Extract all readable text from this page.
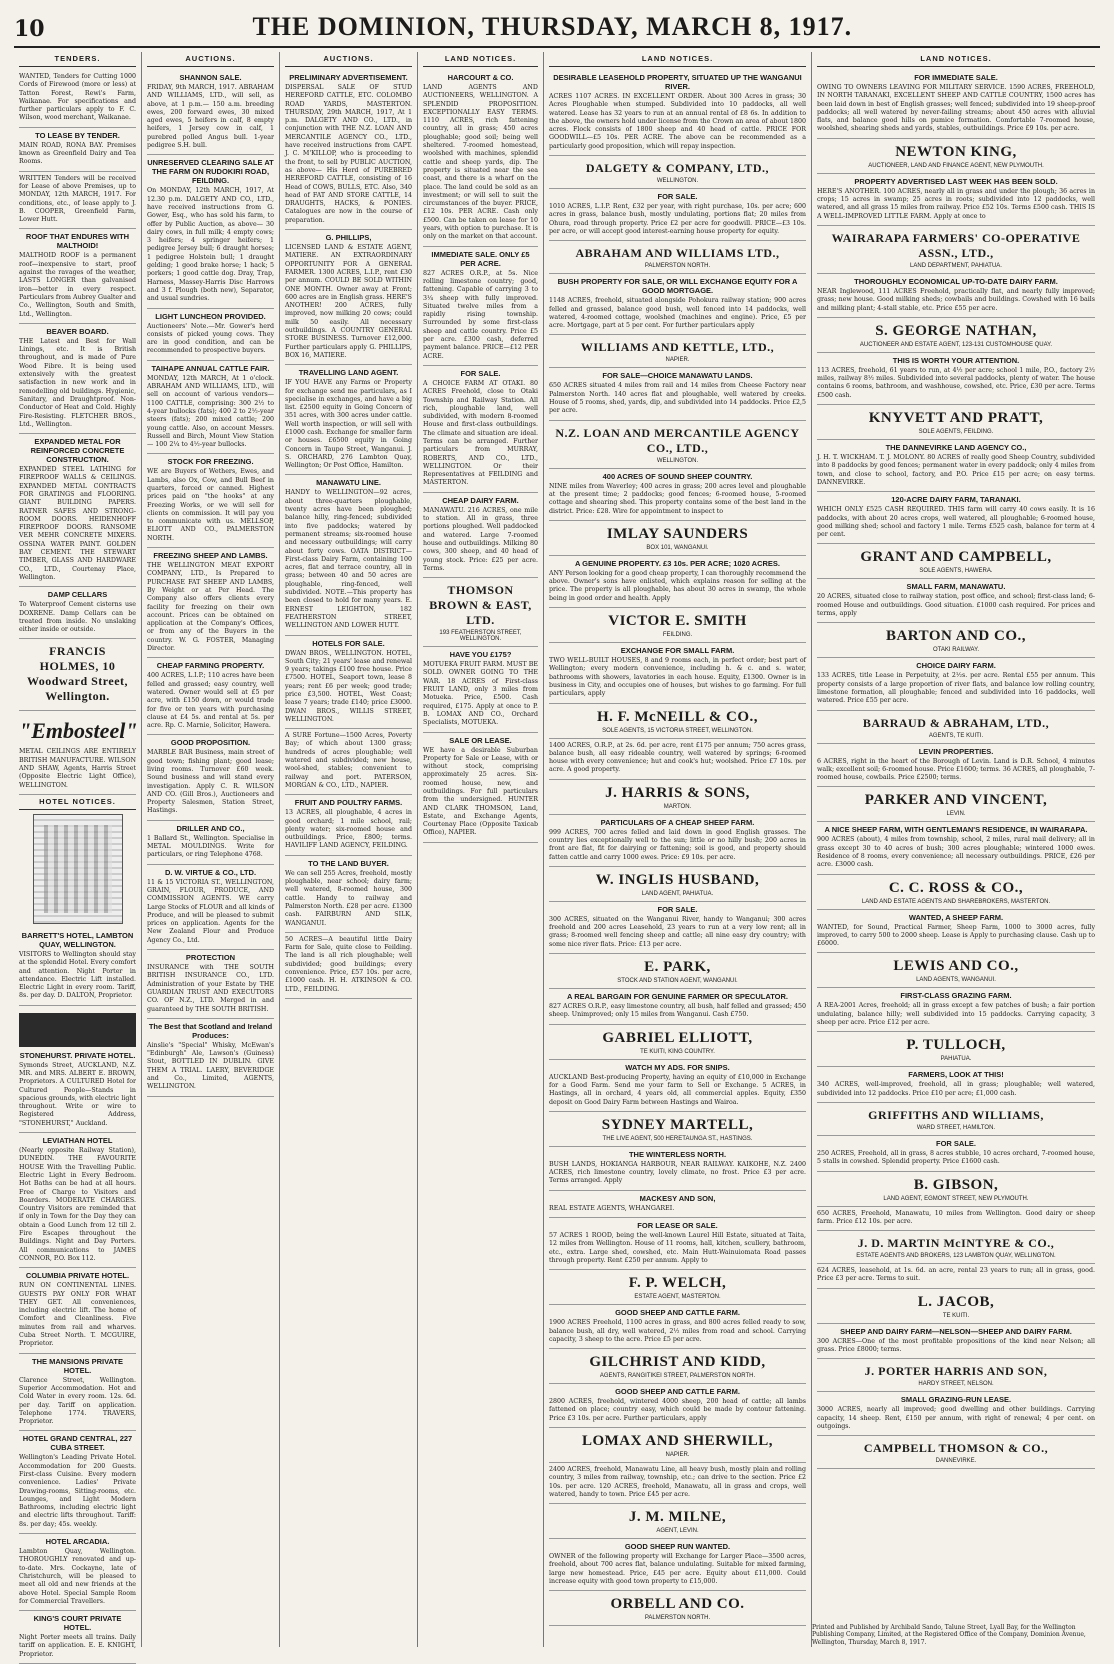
10	THE DOMINION, THURSDAY, MARCH 8, 1917.
TENDERS.
WANTED, Tenders for Cutting 1000 Cords of Firewood (more or less) at Tatton Forest, Rewi's Farm, Waikanae. For specifications and further particulars apply to F. C. Wilson, wood merchant, Waikanae.
TO LEASE BY TENDER.
MAIN ROAD, RONA BAY. Premises known as Greenfield Dairy and Tea Rooms.
WRITTEN Tenders will be received for Lease of above Premises, up to MONDAY, 12th MARCH, 1917. For conditions, etc., of lease apply to J. B. COOPER, Greenfield Farm, Lower Hutt.
ROOF THAT ENDURES WITH MALTHOID!
MALTHOID ROOF is a permanent roof—inexpensive to start, proof against the ravages of the weather, LASTS LONGER than galvanised iron—better in every respect. Particulars from Aubrey Gualter and Co., Wellington, South and Smith, Ltd., Wellington.
BEAVER BOARD.
THE Latest and Best for Wall Linings, etc. It is British throughout, and is made of Pure Wood Fibre. It is being used extensively with the greatest satisfaction in new work and in remodelling old buildings. Hygienic, Sanitary, and Draughtproof. Non-Conductor of Heat and Cold. Highly Fire-Resisting. FLETCHER BROS., Ltd., Wellington.
EXPANDED METAL FOR REINFORCED CONCRETE CONSTRUCTION.
EXPANDED STEEL LATHING for FIREPROOF WALLS & CEILINGS. EXPANDED METAL CONTRACTS FOR GRATINGS and FLOORING. GIANT BUILDING PAPERS. RATNER SAFES AND STRONG-ROOM DOORS. HEIDENHOFF FIREPROOF DOORS. RANSOME VER MEHR CONCRETE MIXERS. OSSINA WATER PAINT. GOLDEN BAY CEMENT. THE STEWART TIMBER, GLASS AND HARDWARE CO., LTD., Courtenay Place, Wellington.
DAMP CELLARS
To Waterproof Cement cisterns use DOXRENE. Damp Cellars can be treated from inside. No unslaking either inside or outside.
FRANCIS HOLMES, 10 Woodward Street, Wellington.
"Embosteel"
METAL CEILINGS ARE ENTIRELY BRITISH MANUFACTURE. WILSON AND SHAW, Agents, Harris Street (Opposite Electric Light Office), WELLINGTON.
HOTEL NOTICES.
BARRETT'S HOTEL, LAMBTON QUAY, WELLINGTON.
VISITORS to Wellington should stay at the splendid Hotel. Every comfort and attention. Night Porter in attendance. Electric Lift installed. Electric Light in every room. Tariff, 8s. per day. D. DALTON, Proprietor.
STONEHURST. PRIVATE HOTEL.
Symonds Street, AUCKLAND, N.Z. MR. and MRS. ALBERT E. BROWN, Proprietors. A CULTURED Hotel for Cultured People—Stands in spacious grounds, with electric light throughout. Write or wire to Registered Address, "STONEHURST," Auckland.
LEVIATHAN HOTEL
(Nearly opposite Railway Station), DUNEDIN. THE FAVOURITE HOUSE With the Travelling Public. Electric Light in Every Bedroom. Hot Baths can be had at all hours. Free of Charge to Visitors and Boarders. MODERATE CHARGES. Country Visitors are reminded that if only in Town for the Day they can obtain a Good Lunch from 12 till 2. Fire Escapes throughout the Buildings. Night and Day Porters. All communications to JAMES CONNOR, P.O. Box 112.
COLUMBIA PRIVATE HOTEL.
RUN ON CONTINENTAL LINES. GUESTS PAY ONLY FOR WHAT THEY GET. All conveniences, including electric lift. The home of Comfort and Cleanliness. Five minutes from rail and wharves. Cuba Street North. T. MCGUIRE, Proprietor.
THE MANSIONS PRIVATE HOTEL.
Clarence Street, Wellington. Superior Accommodation. Hot and Cold Water in every room. 12s. 6d. per day. Tariff on application. Telephone 1774. TRAVERS, Proprietor.
HOTEL GRAND CENTRAL, 227 CUBA STREET.
Wellington's Leading Private Hotel. Accommodation for 200 Guests. First-class Cuisine. Every modern convenience. Ladies' Private Drawing-rooms, Sitting-rooms, etc. Lounges, and Light Modern Bathrooms, including electric light and electric lifts throughout. Tariff: 8s. per day; 45s. weekly.
HOTEL ARCADIA.
Lambton Quay, Wellington. THOROUGHLY renovated and up-to-date. Mrs. Cockayne, late of Christchurch, will be pleased to meet all old and new friends at the above Hotel. Special Sample Room for Commercial Travellers.
KING'S COURT PRIVATE HOTEL.
Night Porter meets all trains. Daily tariff on application. E. E. KNIGHT, Proprietor.
AUCTIONS.
SHANNON SALE.
FRIDAY, 9th MARCH, 1917. ABRAHAM AND WILLIAMS, LTD., will sell, as above, at 1 p.m.— 150 a.m. breeding ewes, 200 forward ewes, 30 mixed aged ewes, 5 heifers in calf, 8 empty heifers, 1 Jersey cow in calf, 1 purebred polled Angus bull. 1-year pedigree S.H. bull.
UNRESERVED CLEARING SALE AT THE FARM ON RUDOKIRI ROAD, FEILDING.
On MONDAY, 12th MARCH, 1917, At 12.30 p.m. DALGETY AND CO., LTD., have received instructions from G. Gower, Esq., who has sold his farm, to offer by Public Auction, as above— 30 dairy cows, in full milk; 4 empty cows; 3 heifers; 4 springer heifers; 1 pedigree Jersey bull; 6 draught horses; 1 pedigree Holstein bull; 1 draught gelding; 1 good brake horse; 1 hack; 5 porkers; 1 good cattle dog. Dray, Trap, Harness, Massey-Harris Disc Harrows and 3 f. Plough (both new), Separator, and usual sundries.
LIGHT LUNCHEON PROVIDED.
Auctioneers' Note.—Mr. Gower's herd consists of picked young cows. They are in good condition, and can be recommended to prospective buyers.
TAIHAPE ANNUAL CATTLE FAIR.
MONDAY, 12th MARCH, At 1 o'clock. ABRAHAM AND WILLIAMS, LTD., will sell on account of various vendors— 1100 CATTLE, comprising: 300 2½ to 4-year bullocks (fats); 400 2 to 2½-year steers (fats); 200 mixed cattle; 200 young cattle. Also, on account Messrs. Russell and Birch, Mount View Station— 100 2¼ to 4½-year bullocks.
STOCK FOR FREEZING.
WE are Buyers of Wethers, Ewes, and Lambs, also Ox, Cow, and Bull Beef in quarters, forced or canned. Highest prices paid on "the hooks" at any Freezing Works, or we will sell for clients on commission. It will pay you to communicate with us. MELLSOP, ELIOTT AND CO., PALMERSTON NORTH.
FREEZING SHEEP AND LAMBS.
THE WELLINGTON MEAT EXPORT COMPANY, LTD., Is Prepared to PURCHASE FAT SHEEP AND LAMBS, By Weight or at Per Head. The Company also offers clients every facility for freezing on their own account. Prices can be obtained on application at the Company's Offices, or from any of the Buyers in the country. W. G. FOSTER, Managing Director.
CHEAP FARMING PROPERTY.
400 ACRES, L.I.P.; 110 acres have been felled and grassed; easy country, well watered. Owner would sell at £5 per acre, with £150 down, or would trade for five or ten years with purchasing clause at £4 5s. and rental at 5s. per acre. Rp. C. Marnie, Solicitor, Hawera.
GOOD PROPOSITION.
MARBLE BAR Business, main street of good town; fishing plant; good lease; living rooms. Turnover £60 week. Sound business and will stand every investigation. Apply C. R. WILSON AND CO. (Gill Bros.), Auctioneers and Property Salesmen, Station Street, Hastings.
DRILLER AND CO.,
1 Ballard St., Wellington. Specialise in METAL MOULDINGS. Write for particulars, or ring Telephone 4768.
D. W. VIRTUE & CO., LTD.
11 & 15 VICTORIA ST., WELLINGTON, GRAIN, FLOUR, PRODUCE, AND COMMISSION AGENTS. WE carry Large Stocks of FLOUR and all kinds of Produce, and will be pleased to submit prices on application. Agents for the New Zealand Flour and Produce Agency Co., Ltd.
PROTECTION
INSURANCE with THE SOUTH BRITISH INSURANCE CO., LTD. Administration of your Estate by THE GUARDIAN TRUST AND EXECUTORS CO. OF N.Z., LTD. Merged in and guaranteed by THE SOUTH BRITISH.
The Best that Scotland and Ireland Produces:
Ainslie's "Special" Whisky, McEwan's "Edinburgh" Ale, Lawson's (Guiness) Stout, BOTTLED IN DUBLIN. GIVE THEM A TRIAL. LAERY, BEVERIDGE and Co., Limited, AGENTS, WELLINGTON.
AUCTIONS.
PRELIMINARY ADVERTISEMENT.
DISPERSAL SALE OF STUD HEREFORD CATTLE, ETC. COLOMBO ROAD YARDS, MASTERTON. THURSDAY, 29th MARCH, 1917, At 1 p.m. DALGETY AND CO., LTD., in conjunction with THE N.Z. LOAN AND MERCANTILE AGENCY CO., LTD., have received instructions from CAPT. J. C. M'KILLOP, who is proceeding to the front, to sell by PUBLIC AUCTION, as above— His Herd of PUREBRED HEREFORD CATTLE, consisting of 16 Head of COWS, BULLS, ETC. Also, 340 head of FAT AND STORE CATTLE, 14 DRAUGHTS, HACKS, & PONIES. Catalogues are now in the course of preparation.
G. PHILLIPS,
LICENSED LAND & ESTATE AGENT, MATIERE. AN EXTRAORDINARY OPPORTUNITY FOR A GENERAL FARMER. 1300 ACRES, L.I.P., rent £30 per annum. COULD BE SOLD WITHIN ONE MONTH. Owner away at Front; 600 acres are in English grass. HERE'S ANOTHER! 200 ACRES, fully improved, now milking 20 cows; could milk 50 easily. All necessary outbuildings. A COUNTRY GENERAL STORE BUSINESS. Turnover £12,000. Further particulars apply G. PHILLIPS, BOX 16, MATIERE.
TRAVELLING LAND AGENT.
IF YOU HAVE any Farms or Property for exchange send me particulars, as I specialise in exchanges, and have a big list. £2500 equity in Going Concern of 351 acres, with 300 acres under cattle. Well worth inspection, or will sell with £1000 cash. Exchange for smaller farm or houses. £6500 equity in Going Concern in Taupo Street, Wanganui. J. S. ORCHARD, 276 Lambton Quay, Wellington; Or Post Office, Hamilton.
MANAWATU LINE.
HANDY to WELLINGTON—92 acres, about three-quarters ploughable, twenty acres have been ploughed; balance hilly, ring-fenced; subdivided into five paddocks; watered by permanent streams; six-roomed house and necessary outbuildings; will carry about forty cows. OATA DISTRICT—First-class Dairy Farm, containing 100 acres, flat and terrace country, all in grass; between 40 and 50 acres are ploughable, ring-fenced, well subdivided. NOTE.—This property has been closed to hold for many years. E. ERNEST LEIGHTON, 182 FEATHERSTON STREET, WELLINGTON AND LOWER HUTT.
HOTELS FOR SALE.
DWAN BROS., WELLINGTON. HOTEL, South City; 21 years' lease and renewal 9 years; takings £100 free house. Price £7500. HOTEL, Seaport town, lease 8 years; rent £6 per week; good trade; price £3,500. HOTEL, West Coast; lease 7 years; trade £140; price £3000. DWAN BROS., WILLIS STREET, WELLINGTON.
A SURE Fortune—1500 Acres, Poverty Bay; of which about 1300 grass; hundreds of acres ploughable; well watered and subdivided; new house, wool-shed, stables; convenient to railway and port. PATERSON, MORGAN & CO., LTD., NAPIER.
FRUIT AND POULTRY FARMS.
13 ACRES, all ploughable, 4 acres in good orchard; 1 mile school, rail; plenty water; six-roomed house and outbuildings. Price, £800; terms. HAVILIFF LAND AGENCY, FEILDING.
TO THE LAND BUYER.
We can sell 255 Acres, freehold, mostly ploughable, near school; dairy farm; well watered, 8-roomed house, 300 cattle. Handy to railway and Palmerston North. £28 per acre. £1300 cash. FAIRBURN AND SILK, WANGANUI.
50 ACRES—A beautiful little Dairy Farm for Sale, quite close to Feilding. The land is all rich ploughable; well subdivided; good buildings; every convenience. Price, £57 10s. per acre, £1000 cash. H. H. ATKINSON & CO. LTD., FEILDING.
LAND NOTICES.
HARCOURT & CO.
LAND AGENTS AND AUCTIONEERS, WELLINGTON. A SPLENDID PROPOSITION. EXCEPTIONALLY EASY TERMS. 1110 ACRES, rich fattening country, all in grass; 450 acres ploughable; good soil; being well sheltered. 7-roomed homestead, woolshed with machines, splendid cattle and sheep yards, dip. The property is situated near the sea coast, and there is a wharf on the place. The land could be sold as an investment; or will sell to suit the circumstances of the buyer. PRICE, £12 10s. PER ACRE. Cash only £500. Can be taken on lease for 10 years, with option to purchase. It is only on the market on that account.
IMMEDIATE SALE. ONLY £5 PER ACRE.
827 ACRES O.R.P., at 5s. Nice rolling limestone country; good, fattening. Capable of carrying 3 to 3¼ sheep with fully improved. Situated twelve miles from a rapidly rising township. Surrounded by some first-class sheep and cattle country. Price £5 per acre. £300 cash, deferred payment balance. PRICE—£12 PER ACRE.
FOR SALE.
A CHOICE FARM AT OTAKI. 80 ACRES Freehold, close to Otaki Township and Railway Station. All rich, ploughable land, well subdivided, with modern 8-roomed House and first-class outbuildings. The climate and situation are ideal. Terms can be arranged. Further particulars from MURRAY, ROBERTS, AND CO., LTD., WELLINGTON. Or their Representatives at FEILDING and MASTERTON.
CHEAP DAIRY FARM.
MANAWATU. 216 ACRES, one mile to station. All in grass, three portions ploughed. Well paddocked and watered. Large 7-roomed house and outbuildings. Milking 80 cows, 300 sheep, and 40 head of young stock. Price: £25 per acre. Terms.
THOMSON BROWN & EAST, LTD.
193 FEATHERSTON STREET, WELLINGTON.
HAVE YOU £175?
MOTUEKA FRUIT FARM. MUST BE SOLD. OWNER GOING TO THE WAR. 18 ACRES of First-class FRUIT LAND, only 3 miles from Motueka. Price, £500. Cash required, £175. Apply at once to P. B. LOMAX AND CO., Orchard Specialists, MOTUEKA.
SALE OR LEASE.
WE have a desirable Suburban Property for Sale or Lease, with or without stock, comprising approximately 25 acres. Six-roomed house, new, and outbuildings. For full particulars from the undersigned. HUNTER AND CLARK THOMSON, Land, Estate, and Exchange Agents, Courtenay Place (Opposite Taxicab Office), NAPIER.
LAND NOTICES.
DESIRABLE LEASEHOLD PROPERTY, SITUATED UP THE WANGANUI RIVER.
ACRES 1107 ACRES. IN EXCELLENT ORDER. About 300 Acres in grass; 30 Acres Ploughable when stumped. Subdivided into 10 paddocks, all well watered. Lease has 32 years to run at an annual rental of £8 6s. In addition to the above, the owners hold under license from the Crown an area of about 1800 acres. Flock consists of 1800 sheep and 40 head of cattle. PRICE FOR GOODWILL—£5 10s. PER ACRE. The above can be recommended as a particularly good proposition, which will repay inspection.
DALGETY & COMPANY, LTD.,
WELLINGTON.
FOR SALE.
1010 ACRES, L.I.P. Rent, £32 per year, with right purchase, 10s. per acre; 600 acres in grass, balance bush, mostly undulating, portions flat; 20 miles from Ohura, road through property. Price £2 per acre for goodwill. PRICE—£3 10s. per acre, or will accept good interest-earning house property for equity.
ABRAHAM AND WILLIAMS LTD.,
PALMERSTON NORTH.
BUSH PROPERTY FOR SALE, OR WILL EXCHANGE EQUITY FOR A GOOD MORTGAGE.
1148 ACRES, freehold, situated alongside Pohokura railway station; 900 acres felled and grassed, balance good bush, well fenced into 14 paddocks, well watered, 4-roomed cottage, woolshed (machines and engine). Price, £5 per acre. Mortgage, part at 5 per cent. For further particulars apply
WILLIAMS AND KETTLE, LTD.,
NAPIER.
FOR SALE—CHOICE MANAWATU LANDS.
650 ACRES situated 4 miles from rail and 14 miles from Cheese Factory near Palmerston North. 140 acres flat and ploughable, well watered by creeks. House of 5 rooms, shed, yards, dip, and subdivided into 14 paddocks. Price £2,5 per acre.
N.Z. LOAN AND MERCANTILE AGENCY CO., LTD.,
WELLINGTON.
400 ACRES OF SOUND SHEEP COUNTRY.
NINE miles from Waverley; 400 acres in grass; 200 acres level and ploughable at the present time; 2 paddocks; good fences; 6-roomed house, 5-roomed cottage and shearing shed. This property contains some of the best land in the district. Price: £28. Wire for appointment to inspect to
IMLAY SAUNDERS
BOX 101, WANGANUI.
A GENUINE PROPERTY. £3 10s. PER ACRE; 1020 ACRES.
ANY Person looking for a good cheap property, I can thoroughly recommend the above. Owner's sons have enlisted, which explains reason for selling at the price. The property is all ploughable, has about 30 acres in swamp, the whole being in good order and health. Apply
VICTOR E. SMITH
FEILDING.
EXCHANGE FOR SMALL FARM.
TWO WELL-BUILT HOUSES, 8 and 9 rooms each, in perfect order; best part of Wellington; every modern convenience, including h. & c. and s. water, bathrooms with showers, lavatories in each house. Equity, £1300. Owner is in business in City, and occupies one of houses, but wishes to go farming. For full particulars, apply
H. F. McNEILL & CO.,
SOLE AGENTS, 15 VICTORIA STREET, WELLINGTON.
1400 ACRES, O.R.P., at 2s. 6d. per acre, rent £175 per annum; 750 acres grass, balance bush, all easy rideable country, well watered by springs; 6-roomed house with every convenience; hut and cook's hut; woolshed. Price £7 10s. per acre. A good property.
J. HARRIS & SONS,
MARTON.
PARTICULARS OF A CHEAP SHEEP FARM.
999 ACRES, 700 acres felled and laid down in good English grasses. The country lies exceptionally well to the sun; little or no hilly bush; 200 acres in front are flat, fit for dairying or fattening; soil is good, and property should fatten cattle and carry 1000 ewes. Price: £9 10s. per acre.
W. INGLIS HUSBAND,
LAND AGENT, PAHIATUA.
FOR SALE.
300 ACRES, situated on the Wanganui River, handy to Wanganui; 300 acres freehold and 200 acres Leasehold, 23 years to run at a very low rent; all in grass; 8-roomed well fencing sheep and cattle; all nine easy dry country; with some nice river flats. Price: £13 per acre.
E. PARK,
STOCK AND STATION AGENT, WANGANUI.
A REAL BARGAIN FOR GENUINE FARMER OR SPECULATOR.
827 ACRES O.R.P., easy limestone country, all bush, half felled and grassed; 450 sheep. Unimproved; only 15 miles from Wanganui. Cash £750.
GABRIEL ELLIOTT,
TE KUITI, KING COUNTRY.
WATCH MY ADS. FOR SNIPS.
AUCKLAND Best-producing Property, having an equity of £10,000 in Exchange for a Good Farm. Send me your farm to Sell or Exchange. 5 ACRES, in Hastings, all in orchard, 4 years old, all commercial apples. Equity, £350 deposit on Good Dairy Farm between Hastings and Wairoa.
SYDNEY MARTELL,
THE LIVE AGENT, 500 HERETAUNGA ST., HASTINGS.
THE WINTERLESS NORTH.
BUSH LANDS, HOKIANGA HARBOUR, NEAR RAILWAY. KAIKOHE, N.Z. 2400 ACRES, rich limestone country, lovely climate, no frost. Price £3 per acre. Terms arranged. Apply
MACKESY AND SON,
REAL ESTATE AGENTS, WHANGAREI.
FOR LEASE OR SALE.
57 ACRES 1 ROOD, being the well-known Laurel Hill Estate, situated at Taita, 12 miles from Wellington. House of 11 rooms, hall, kitchen, scullery, bathroom, etc., extra. Large shed, cowshed, etc. Main Hutt-Wainuiomata Road passes through property. Rent £250 per annum. Apply to
F. P. WELCH,
ESTATE AGENT, MASTERTON.
GOOD SHEEP AND CATTLE FARM.
1900 ACRES Freehold, 1100 acres in grass, and 800 acres felled ready to sow, balance bush, all dry, well watered, 2½ miles from road and school. Carrying capacity, 3 sheep to the acre. Price £5 per acre.
GILCHRIST AND KIDD,
AGENTS, RANGITIKEI STREET, PALMERSTON NORTH.
GOOD SHEEP AND CATTLE FARM.
2800 ACRES, freehold, wintered 4000 sheep, 200 head of cattle; all lambs fattened on place; country easy, which could be made by contour fattening. Price £3 10s. per acre. Further particulars, apply
LOMAX AND SHERWILL,
NAPIER.
2400 ACRES, freehold, Manawatu Line, all heavy bush, mostly plain and rolling country, 3 miles from railway, township, etc.; can drive to the section. Price £2 10s. per acre. 120 ACRES, freehold, Manawatu, all in grass and crops, well watered, handy to town. Price £45 per acre.
J. M. MILNE,
AGENT, LEVIN.
GOOD SHEEP RUN WANTED.
OWNER of the following property will Exchange for Larger Place—3500 acres, freehold, about 700 acres flat, balance undulating. Suitable for mixed farming, large new homestead. Price, £45 per acre. Equity about £11,000. Could increase equity with good town property to £15,000.
ORBELL AND CO.
PALMERSTON NORTH.
LAND NOTICES.
FOR IMMEDIATE SALE.
OWING TO OWNERS LEAVING FOR MILITARY SERVICE. 1590 ACRES, FREEHOLD, IN NORTH TARANAKI, EXCELLENT SHEEP AND CATTLE COUNTRY, 1500 acres has been laid down in best of English grasses; well fenced; subdivided into 19 sheep-proof paddocks; all well watered by never-failing streams; about 450 acres with alluvial flats, and balance good hills on pumice formation. Comfortable 7-roomed house, woolshed, shearing sheds and yards, stables, outbuildings. Price £9 10s. per acre.
NEWTON KING,
AUCTIONEER, LAND AND FINANCE AGENT, NEW PLYMOUTH.
PROPERTY ADVERTISED LAST WEEK HAS BEEN SOLD.
HERE'S ANOTHER. 100 ACRES, nearly all in grass and under the plough; 36 acres in crops; 15 acres in swamp; 25 acres in roots; subdivided into 12 paddocks, well watered, and all grass 15 miles from railway. Price £52 10s. Terms £500 cash. THIS IS A WELL-IMPROVED LITTLE FARM. Apply at once to
WAIRARAPA FARMERS' CO-OPERATIVE ASSN., LTD.,
LAND DEPARTMENT, PAHIATUA.
THOROUGHLY ECONOMICAL UP-TO-DATE DAIRY FARM.
NEAR Inglewood, 111 ACRES Freehold, practically flat, and nearly fully improved; grass; new house. Good milking sheds; cowbails and buildings. Cowshed with 16 bails and milking plant; 4-stall stable, etc. Price £55 per acre.
S. GEORGE NATHAN,
AUCTIONEER AND ESTATE AGENT, 123-131 CUSTOMHOUSE QUAY.
THIS IS WORTH YOUR ATTENTION.
113 ACRES, freehold, 61 years to run, at 4½ per acre; school 1 mile, P.O., factory 2½ miles, railway 8½ miles. Subdivided into several paddocks, plenty of water. The house contains 6 rooms, bathroom, and washhouse, cowshed, etc. Price, £30 per acre. Terms £500 cash.
KNYVETT AND PRATT,
SOLE AGENTS, FEILDING.
THE DANNEVIRKE LAND AGENCY CO.,
J. H. T. WICKHAM. T. J. MOLONY. 80 ACRES of really good Sheep Country, subdivided into 8 paddocks by good fences; permanent water in every paddock; only 4 miles from town, and close to school, factory, and P.O. Price £15 per acre; on easy terms. DANNEVIRKE.
120-ACRE DAIRY FARM, TARANAKI.
WHICH ONLY £525 CASH REQUIRED. THIS farm will carry 40 cows easily. It is 16 paddocks, with about 20 acres crops, well watered, all ploughable; 6-roomed house, good milking shed; school and factory 1 mile. Terms £525 cash, balance for term at 4 per cent.
GRANT AND CAMPBELL,
SOLE AGENTS, HAWERA.
SMALL FARM, MANAWATU.
20 ACRES, situated close to railway station, post office, and school; first-class land; 6-roomed House and outbuildings. Good situation. £1000 cash required. For prices and terms, apply
BARTON AND CO.,
OTAKI RAILWAY.
CHOICE DAIRY FARM.
133 ACRES, title Lease in Perpetuity, at 2½s. per acre. Rental £55 per annum. This property consists of a large proportion of river flats, and balance low rolling country, limestone formation, all ploughable; fenced and subdivided into 16 paddocks, well watered. Price £55 per acre.
BARRAUD & ABRAHAM, LTD.,
AGENTS, TE KUITI.
LEVIN PROPERTIES.
6 ACRES, right in the heart of the Borough of Levin. Land is D.R. School, 4 minutes walk; excellent soil; 6-roomed house. Price £1600; terms. 36 ACRES, all ploughable, 7-roomed house, cowbails. Price £2500; terms.
PARKER AND VINCENT,
LEVIN.
A NICE SHEEP FARM, WITH GENTLEMAN'S RESIDENCE, IN WAIRARAPA.
900 ACRES (about), 4 miles from township, school, 2 miles, rural mail delivery; all in grass except 30 to 40 acres of bush; 300 acres ploughable; wintered 1000 ewes. Residence of 8 rooms, every convenience; all necessary outbuildings. PRICE, £26 per acre. £3000 cash.
C. C. ROSS & CO.,
LAND AND ESTATE AGENTS AND SHAREBROKERS, MASTERTON.
WANTED, A SHEEP FARM.
WANTED, for Sound, Practical Farmer, Sheep Farm, 1000 to 3000 acres, fully improved, to carry 500 to 2000 sheep. Lease is Apply to purchasing clause. Cash up to £6000.
LEWIS AND CO.,
LAND AGENTS, WANGANUI.
FIRST-CLASS GRAZING FARM.
A REA-2001 Acres, freehold; all in grass except a few patches of bush; a fair portion undulating, balance hilly; well subdivided into 15 paddocks. Carrying capacity, 3 sheep per acre. Price £12 per acre.
P. TULLOCH,
PAHIATUA.
FARMERS, LOOK AT THIS!
340 ACRES, well-improved, freehold, all in grass; ploughable; well watered, subdivided into 12 paddocks. Price £10 per acre; £1,000 cash.
GRIFFITHS AND WILLIAMS,
WARD STREET, HAMILTON.
FOR SALE.
250 ACRES, Freehold, all in grass, 8 acres stubble, 10 acres orchard, 7-roomed house, 5 stalls in cowshed. Splendid property. Price £1600 cash.
B. GIBSON,
LAND AGENT, EGMONT STREET, NEW PLYMOUTH.
650 ACRES, Freehold, Manawatu, 10 miles from Wellington. Good dairy or sheep farm. Price £12 10s. per acre.
J. D. MARTIN McINTYRE & CO.,
ESTATE AGENTS AND BROKERS, 123 LAMBTON QUAY, WELLINGTON.
624 ACRES, leasehold, at 1s. 6d. an acre, rental 23 years to run; all in grass, good. Price £3 per acre. Terms to suit.
L. JACOB,
TE KUITI.
SHEEP AND DAIRY FARM—NELSON—SHEEP AND DAIRY FARM.
300 ACRES—One of the most profitable propositions of the kind near Nelson; all grass. Price £8000; terms.
J. PORTER HARRIS AND SON,
HARDY STREET, NELSON.
SMALL GRAZING-RUN LEASE.
3000 ACRES, nearly all improved; good dwelling and other buildings. Carrying capacity, 14 sheep. Rent, £150 per annum, with right of renewal; 4 per cent. on outgoings.
CAMPBELL THOMSON & CO.,
DANNEVIRKE.
Printed and Published by Archibald Sando, Talune Street, Lyall Bay, for the Wellington Publishing Company, Limited, at the Registered Office of the Company, Dominion Avenue, Wellington, Thursday, March 8, 1917.
